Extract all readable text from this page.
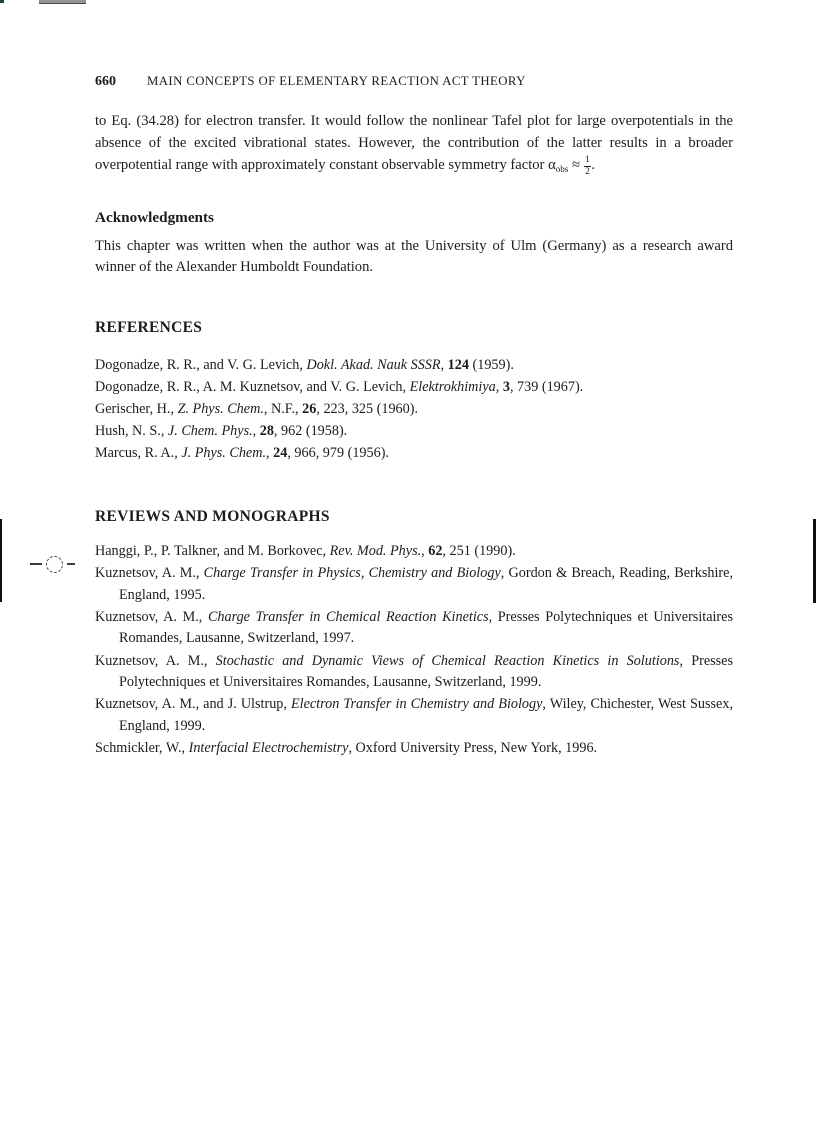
660 MAIN CONCEPTS OF ELEMENTARY REACTION ACT THEORY

to Eq. (34.28) for electron transfer. It would follow the nonlinear Tafel plot for large overpotentials in the absence of the excited vibrational states. However, the contribution of the latter results in a broader overpotential range with approximately constant observable symmetry factor $\alpha_{obs} \approx \frac{1}{2}$ .

Acknowledgments

This chapter was written when the author was at the University of Ulm (Germany) as a research award winner of the Alexander Humboldt Foundation.

REFERENCES
Dogonadze, R. R., and V. G. Levich, Dokl. Akad. Nauk SSSR, 124 (1959).
Dogonadze, R. R., A. M. Kuznetsov, and V. G. Levich, Elektrokhimiya, 3, 739 (1967).
Gerischer, H., Z. Phys. Chem., N.F., 26, 223, 325 (1960).
Hush, N. S., J. Chem. Phys., 28, 962 (1958).
Marcus, R. A., J. Phys. Chem., 24, 966, 979 (1956).
REVIEWS AND MONOGRAPHS
Hanggi, P., P. Talkner, and M. Borkovec, Rev. Mod. Phys., 62, 251 (1990).
Kuznetsov, A. M., Charge Transfer in Physics, Chemistry and Biology, Gordon & Breach, Reading, Berkshire, England, 1995.
Kuznetsov, A. M., Charge Transfer in Chemical Reaction Kinetics, Presses Polytechniques et Universitaires Romandes, Lausanne, Switzerland, 1997.
Kuznetsov, A. M., Stochastic and Dynamic Views of Chemical Reaction Kinetics in Solutions, Presses Polytechniques et Universitaires Romandes, Lausanne, Switzerland, 1999.
Kuznetsov, A. M., and J. Ulstrup, Electron Transfer in Chemistry and Biology, Wiley, Chichester, West Sussex, England, 1999.
Schmickler, W., Interfacial Electrochemistry, Oxford University Press, New York, 1996.
